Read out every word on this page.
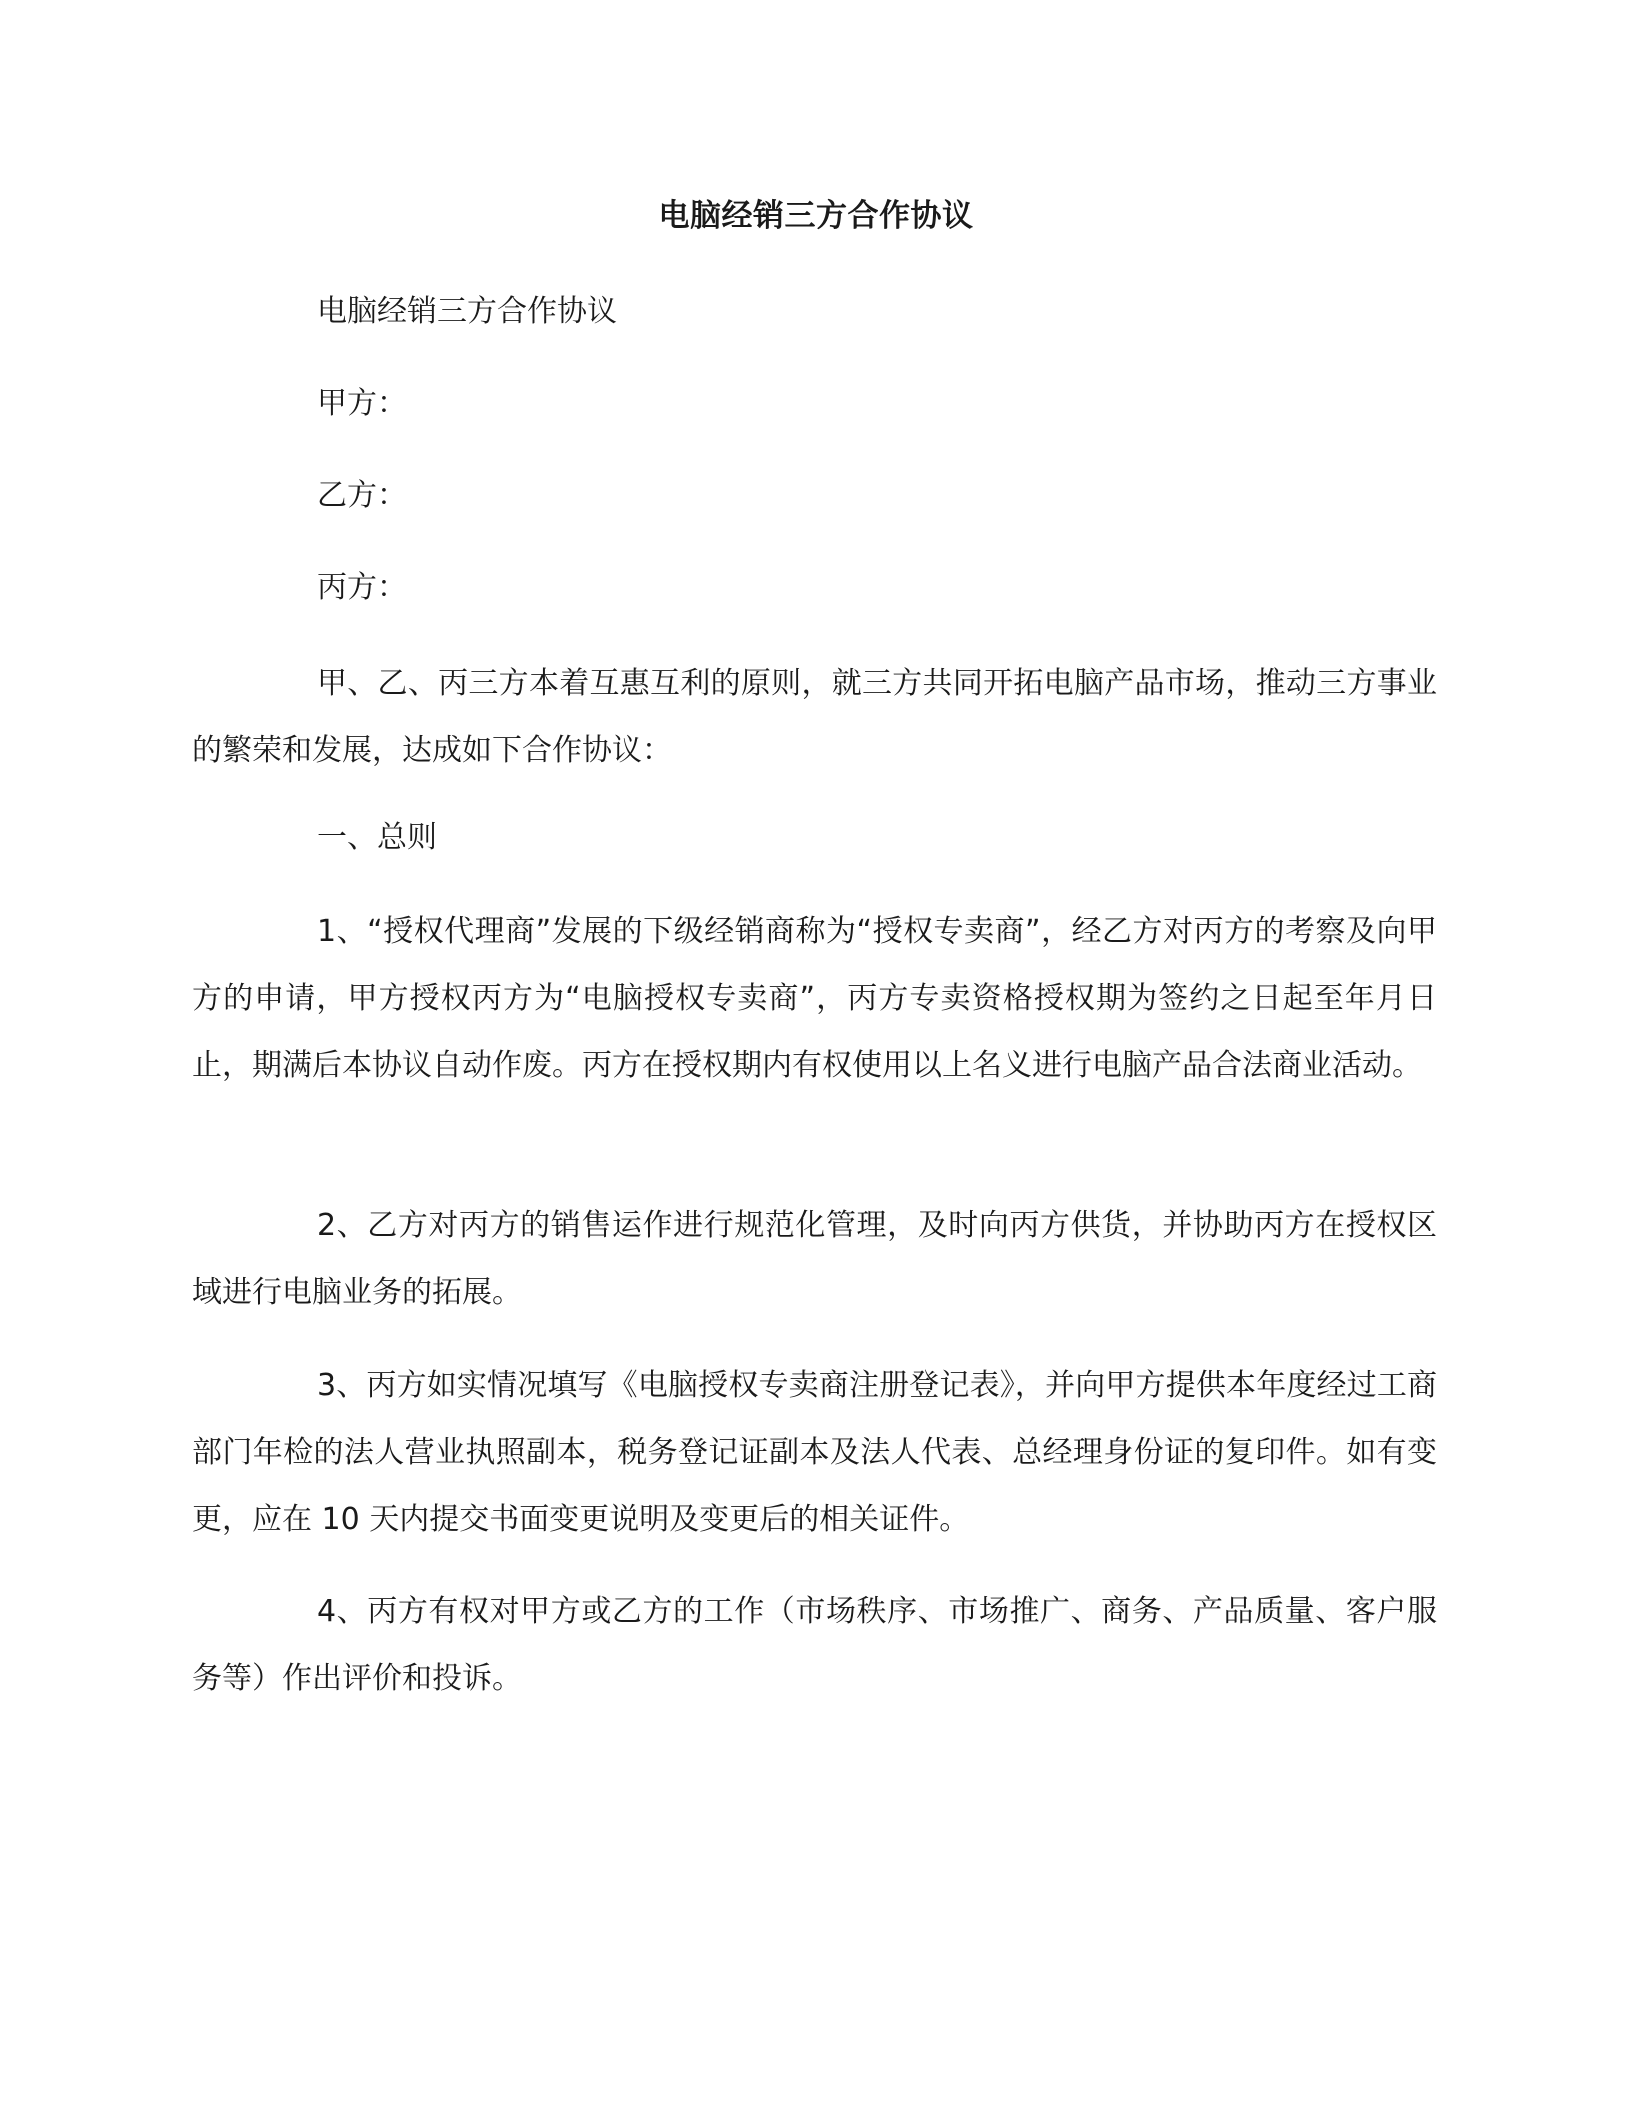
电脑经销三方合作协议
电脑经销三方合作协议
甲方：
乙方：
丙方：

甲、乙、丙三方本着互惠互利的原则，就三方共同开拓电脑产品市场，推动三方事业的繁荣和发展，达成如下合作协议：

一、总则

1、“授权代理商”发展的下级经销商称为“授权专卖商”，经乙方对丙方的考察及向甲方的申请，甲方授权丙方为“电脑授权专卖商”，丙方专卖资格授权期为签约之日起至年月日止，期满后本协议自动作废。丙方在授权期内有权使用以上名义进行电脑产品合法商业活动。

2、乙方对丙方的销售运作进行规范化管理，及时向丙方供货，并协助丙方在授权区域进行电脑业务的拓展。

3、丙方如实情况填写《电脑授权专卖商注册登记表》，并向甲方提供本年度经过工商部门年检的法人营业执照副本，税务登记证副本及法人代表、总经理身份证的复印件。如有变更，应在 10 天内提交书面变更说明及变更后的相关证件。

4、丙方有权对甲方或乙方的工作（市场秩序、市场推广、商务、产品质量、客户服务等）作出评价和投诉。
